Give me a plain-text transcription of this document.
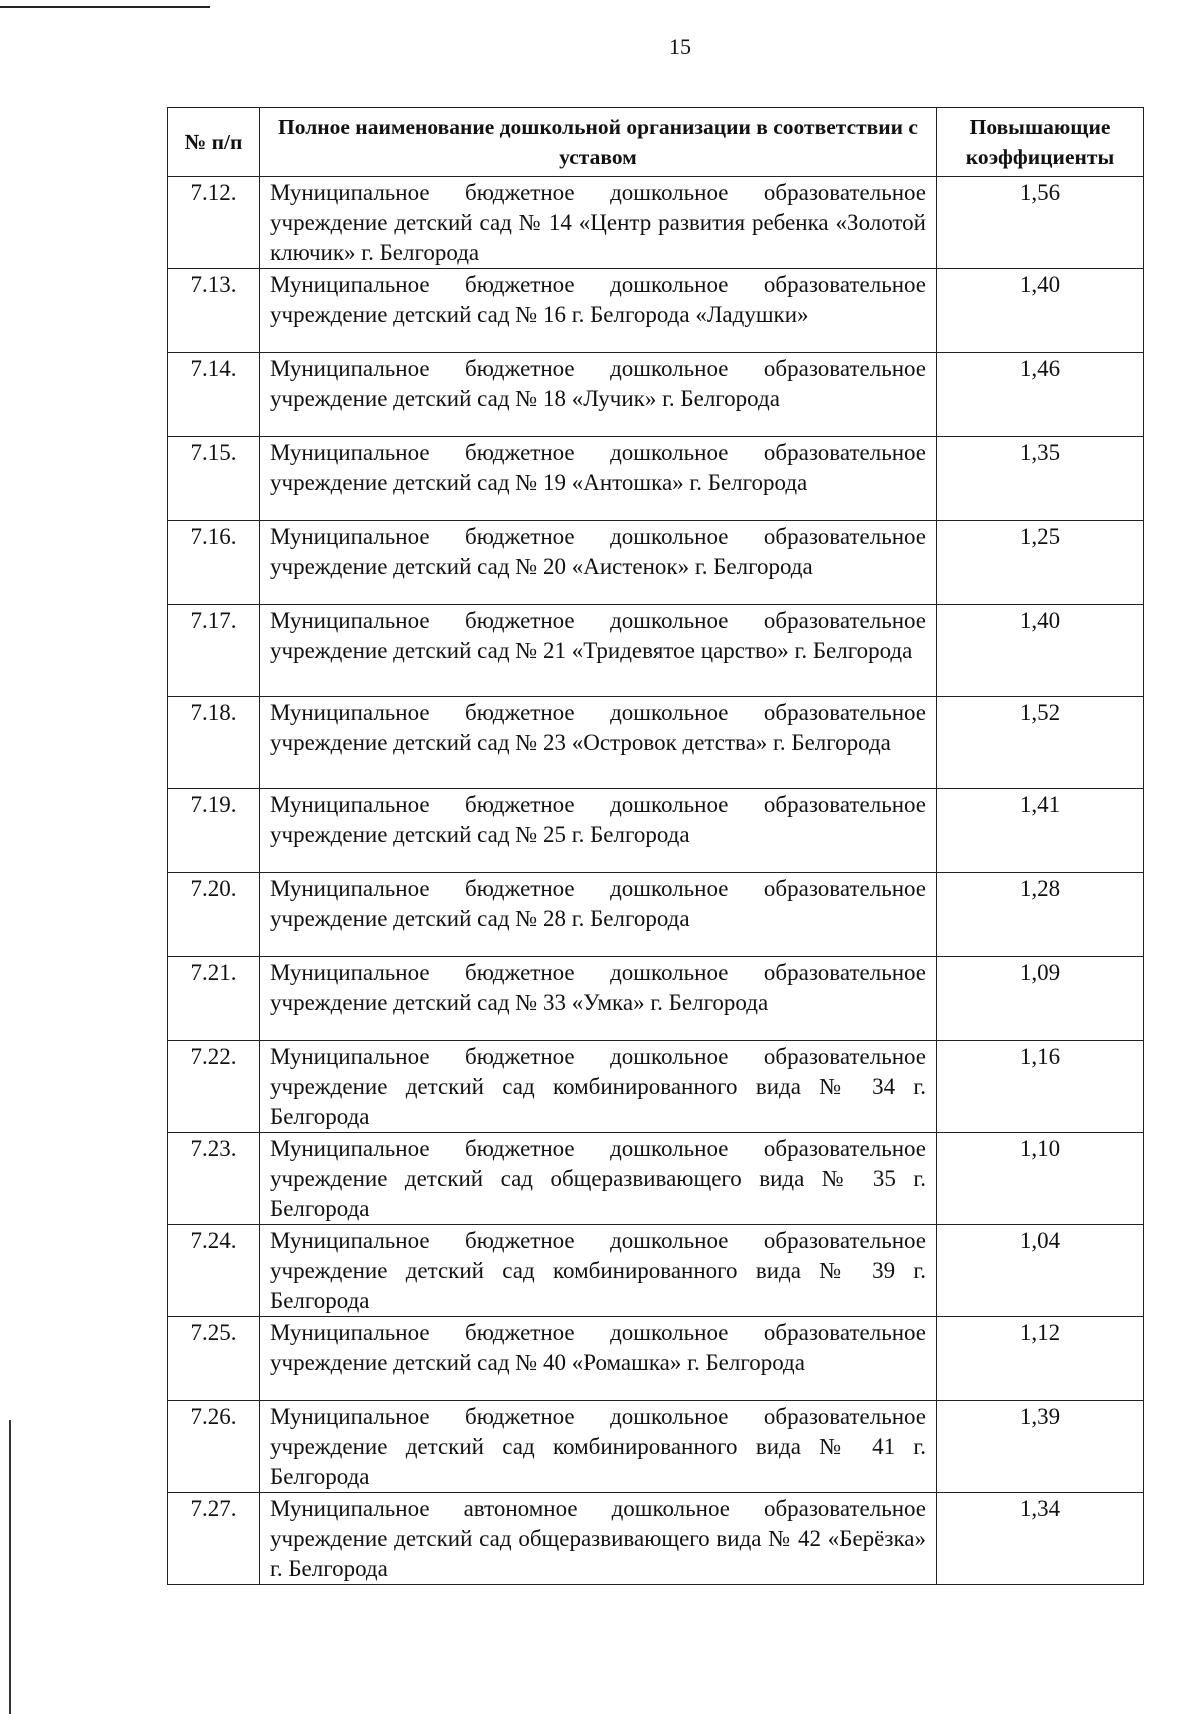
15
№ п/п	Полное наименование дошкольной организации в соответствии с уставом	Повышающие коэффициенты
7.12.	Муниципальное бюджетное дошкольное образовательное учреждение детский сад № 14 «Центр развития ребенка «Золотой ключик» г. Белгорода	1,56
7.13.	Муниципальное бюджетное дошкольное образовательное учреждение детский сад № 16 г. Белгорода «Ладушки»	1,40
7.14.	Муниципальное бюджетное дошкольное образовательное учреждение детский сад № 18 «Лучик» г. Белгорода	1,46
7.15.	Муниципальное бюджетное дошкольное образовательное учреждение детский сад № 19 «Антошка» г. Белгорода	1,35
7.16.	Муниципальное бюджетное дошкольное образовательное учреждение детский сад № 20 «Аистенок» г. Белгорода	1,25
7.17.	Муниципальное бюджетное дошкольное образовательное учреждение детский сад № 21 «Тридевятое царство» г. Белгорода	1,40
7.18.	Муниципальное бюджетное дошкольное образовательное учреждение детский сад № 23 «Островок детства» г. Белгорода	1,52
7.19.	Муниципальное бюджетное дошкольное образовательное учреждение детский сад № 25 г. Белгорода	1,41
7.20.	Муниципальное бюджетное дошкольное образовательное учреждение детский сад № 28 г. Белгорода	1,28
7.21.	Муниципальное бюджетное дошкольное образовательное учреждение детский сад № 33 «Умка» г. Белгорода	1,09
7.22.	Муниципальное бюджетное дошкольное образовательное учреждение детский сад комбинированного вида № 34 г. Белгорода	1,16
7.23.	Муниципальное бюджетное дошкольное образовательное учреждение детский сад общеразвивающего вида № 35 г. Белгорода	1,10
7.24.	Муниципальное бюджетное дошкольное образовательное учреждение детский сад комбинированного вида № 39 г. Белгорода	1,04
7.25.	Муниципальное бюджетное дошкольное образовательное учреждение детский сад № 40 «Ромашка» г. Белгорода	1,12
7.26.	Муниципальное бюджетное дошкольное образовательное учреждение детский сад комбинированного вида № 41 г. Белгорода	1,39
7.27.	Муниципальное автономное дошкольное образовательное учреждение детский сад общеразвивающего вида № 42 «Берёзка» г. Белгорода	1,34
